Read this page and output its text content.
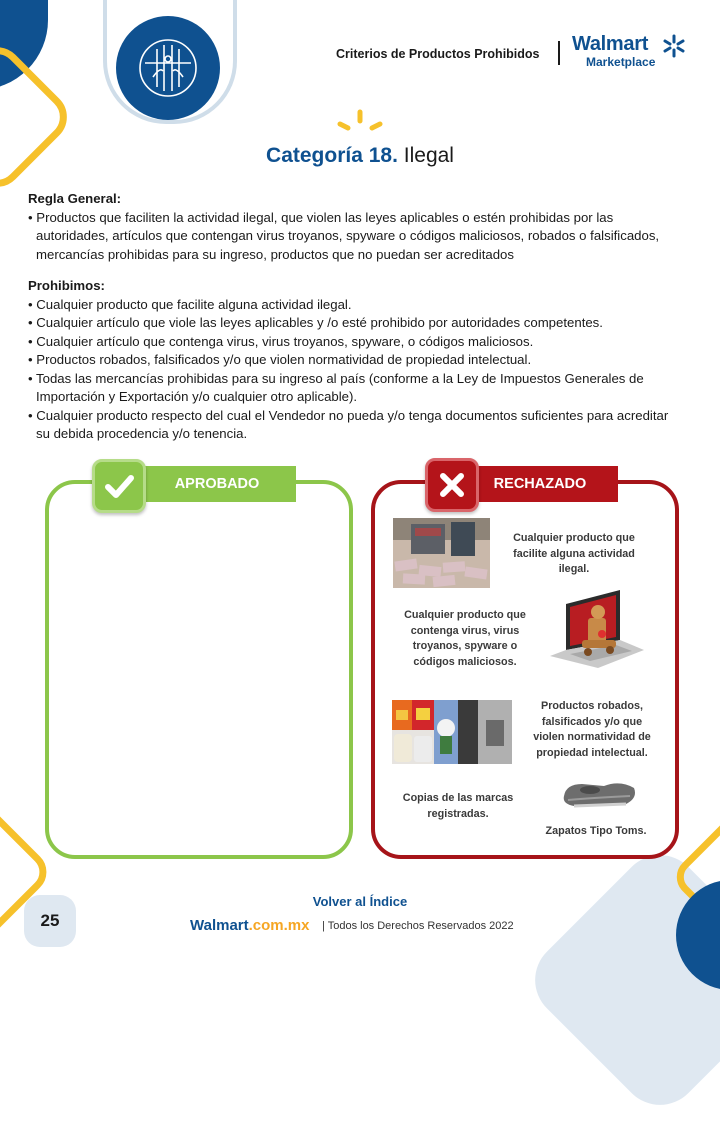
Criterios de Productos Prohibidos Walmart
Marketplace
Categoría 18. Ilegal
Regla General:
• Productos que faciliten la actividad ilegal, que violen las leyes aplicables o estén prohibidas por las autoridades, artículos que contengan virus troyanos, spyware o códigos maliciosos, robados o falsificados, mercancías prohibidas para su ingreso, productos que no puedan ser acreditados
Prohibimos:
• Cualquier producto que facilite alguna actividad ilegal.
• Cualquier artículo que viole las leyes aplicables y /o esté prohibido por autoridades competentes.
• Cualquier artículo que contenga virus, virus troyanos, spyware, o códigos maliciosos.
• Productos robados, falsificados y/o que violen normatividad de propiedad intelectual.
• Todas las mercancías prohibidas para su ingreso al país (conforme a la Ley de Impuestos Generales de Importación y Exportación y/o cualquier otro aplicable).
• Cualquier producto respecto del cual el Vendedor no pueda y/o tenga documentos suficientes para acreditar su debida procedencia y/o tenencia.
APROBADO	RECHAZADO
Cualquier producto que facilite alguna actividad ilegal.
Cualquier producto que contenga virus, virus troyanos, spyware o códigos maliciosos.
Productos robados, falsificados y/o que violen normatividad de propiedad intelectual.
Copias de las marcas registradas.
Zapatos Tipo Toms.
Volver al Índice
Walmart.com.mx | Todos los Derechos Reservados 2022
25
